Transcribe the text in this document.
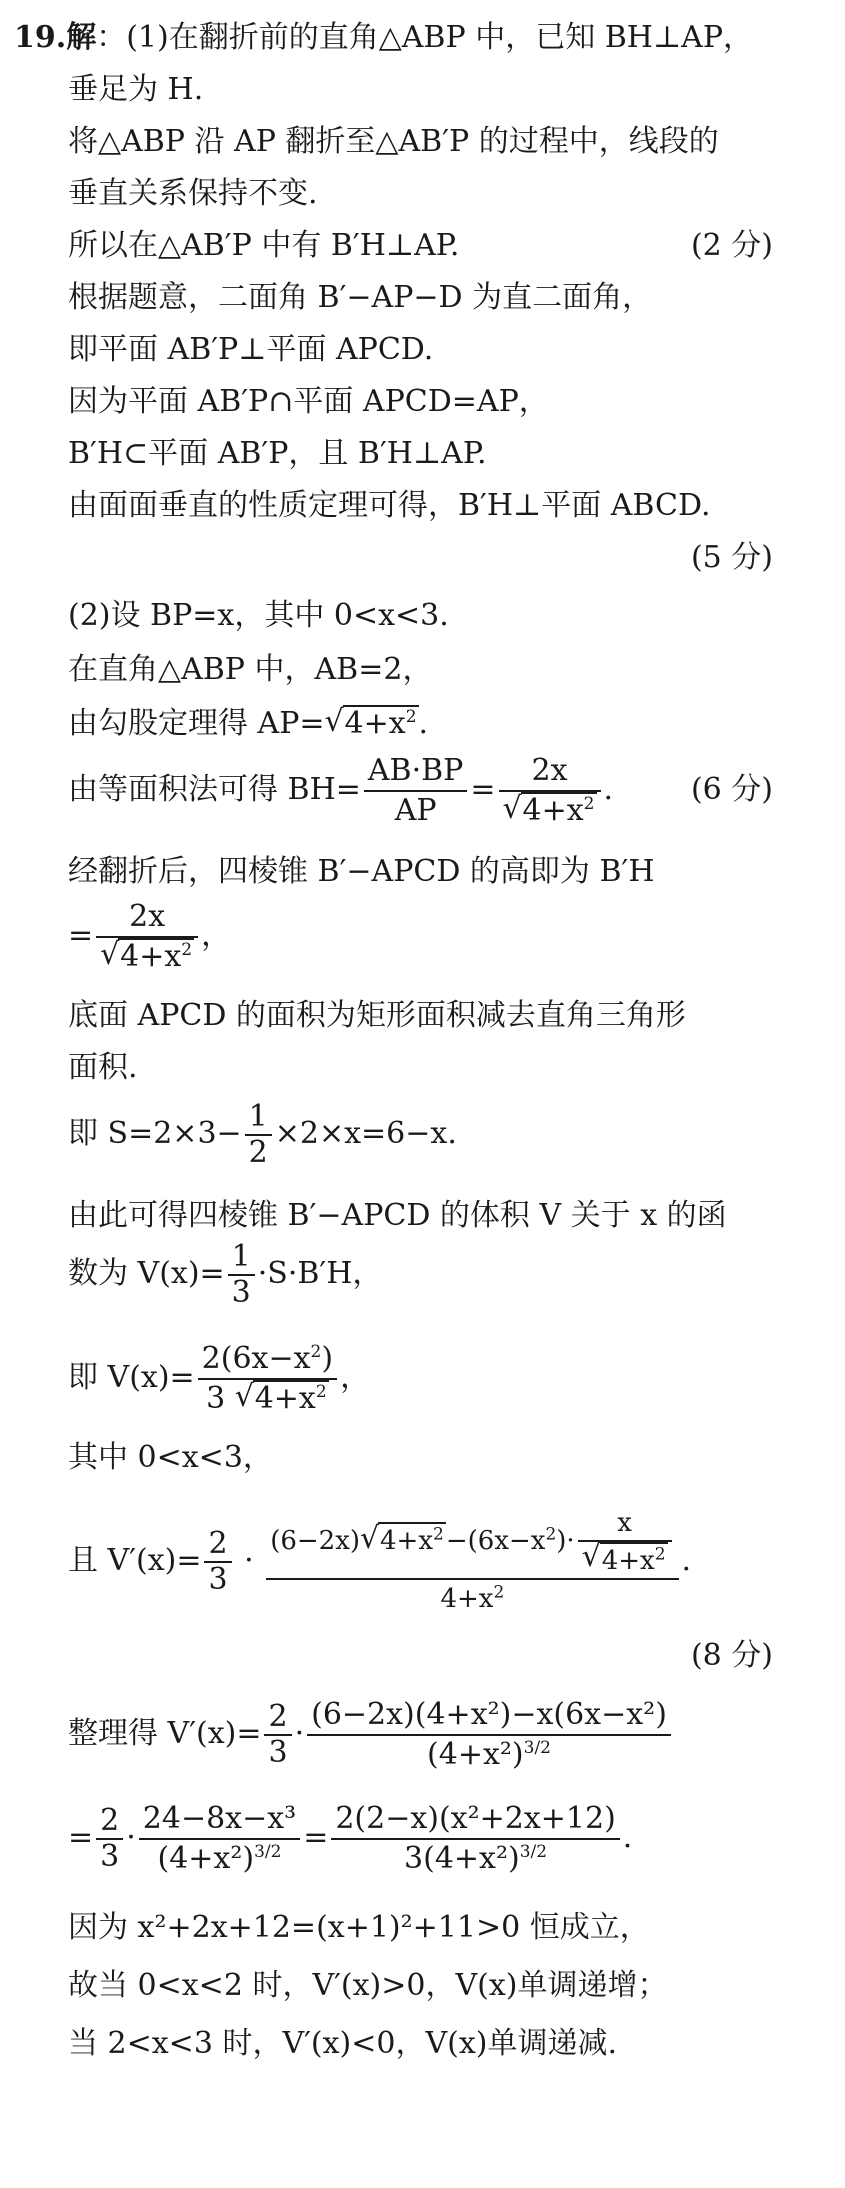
19.解：(1)在翻折前的直角△ABP 中，已知 BH⊥AP，
垂足为 H.
将△ABP 沿 AP 翻折至△AB′P 的过程中，线段的
垂直关系保持不变.
所以在△AB′P 中有 B′H⊥AP.	(2 分)
根据题意，二面角 B′−AP−D 为直二面角，
即平面 AB′P⊥平面 APCD.
因为平面 AB′P∩平面 APCD=AP，
B′H⊂平面 AB′P，且 B′H⊥AP.
由面面垂直的性质定理可得，B′H⊥平面 ABCD.
(5 分)
(2)设 BP=x，其中 0<x<3.
在直角△ABP 中，AB=2，
由勾股定理得 AP=√ $4+x^2$.
由等面积法可得 $BH= \frac{AB\cdot BP}{AP} = 2x$
√ $4+x^2$ .	(6 分)
经翻折后，四棱锥 B′−APCD 的高即为 B′H
= 2x
√ $4+x^2$ ，
底面 APCD 的面积为矩形面积减去直角三角形
面积.
即 $S=2\times 3- \frac{1}{2} \times 2\times x=6-x$.
由此可得四棱锥 B′−APCD 的体积 V 关于 x 的函
数为 $V(x)= \frac{1}{3} \cdot S\cdot B'H$，
即 $V(x)= \frac{2(6x-x^2)}{3 √ 4+x^2}$ ，
其中 0<x<3，
且 $V'(x)= \frac{2}{3} \cdot (6-2x)√$ $4+x^2-(6x-x^2)\cdot x$
√ $4+x^2$
$4+x^2$ .
(8 分)
整理得 $V'(x)= \frac{2}{3} \cdot \frac{\text{(6−2x)(4+x²)−x(6x−x²)}}{(4+x^2)^{3/2}}$
= $\frac{2}{3} \cdot \frac{\text{24−8x−x³}}{(4+x^2)^{3/2}} = \frac{\text{2(2−x)(x²+2x+12)}}{3(4+x^2)^{3/2}}$ .
因为 x²+2x+12=(x+1)²+11>0 恒成立，
故当 0<x<2 时，V′(x)>0，V(x)单调递增；
当 2<x<3 时，V′(x)<0，V(x)单调递减.
